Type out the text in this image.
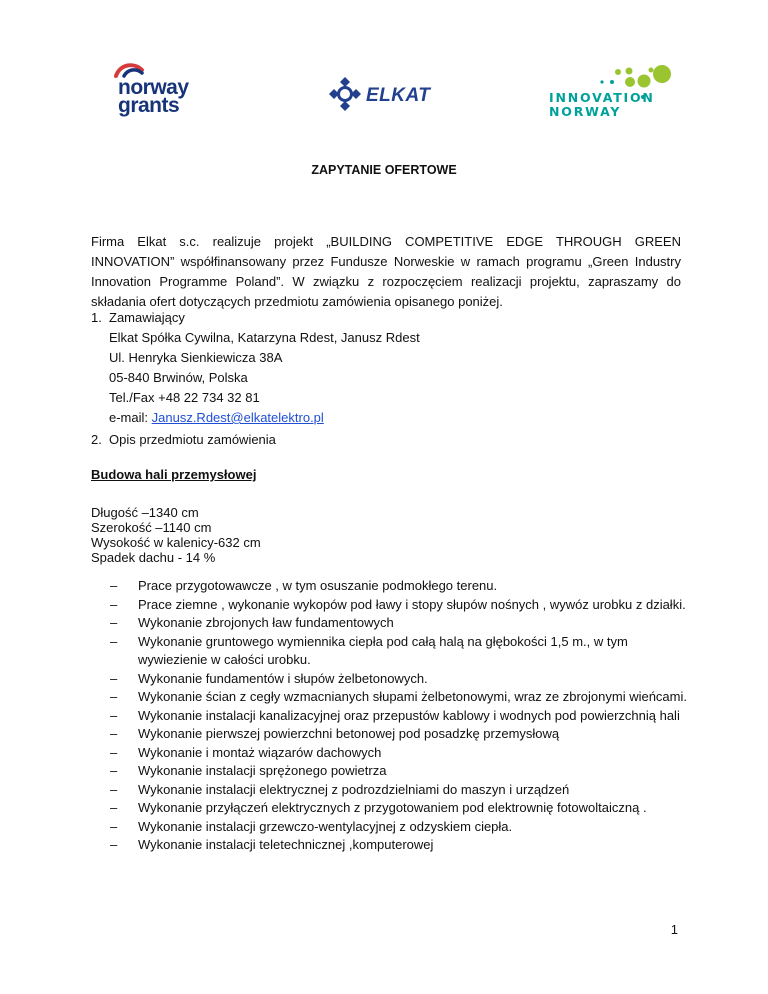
norway
grants	ELKAT	INNOVATION
NORWAY
ZAPYTANIE OFERTOWE
Firma Elkat s.c. realizuje projekt „BUILDING COMPETITIVE EDGE THROUGH GREEN INNOVATION” współfinansowany przez Fundusze Norweskie w ramach programu „Green Industry Innovation Programme Poland”. W związku z rozpoczęciem realizacji projektu, zapraszamy do składania ofert dotyczących przedmiotu zamówienia opisanego poniżej.
1. Zamawiający
Elkat Spółka Cywilna, Katarzyna Rdest, Janusz Rdest
Ul. Henryka Sienkiewicza 38A
05-840 Brwinów, Polska
Tel./Fax +48 22 734 32 81
e-mail: Janusz.Rdest@elkatelektro.pl
2. Opis przedmiotu zamówienia
Budowa hali przemysłowej
Długość –1340 cm
Szerokość –1140 cm
Wysokość w kalenicy-632 cm
Spadek dachu - 14 %
– Prace przygotowawcze , w tym osuszanie podmokłego terenu.
– Prace ziemne , wykonanie wykopów pod ławy i stopy słupów nośnych , wywóz urobku z działki.
– Wykonanie zbrojonych ław fundamentowych
– Wykonanie gruntowego wymiennika ciepła pod całą halą na głębokości 1,5 m., w tym wywiezienie w całości urobku.
– Wykonanie fundamentów i słupów żelbetonowych.
– Wykonanie ścian z cegły wzmacnianych słupami żelbetonowymi, wraz ze zbrojonymi wieńcami.
– Wykonanie instalacji kanalizacyjnej oraz przepustów kablowy i wodnych pod powierzchnią hali
– Wykonanie pierwszej powierzchni betonowej pod posadzkę przemysłową
– Wykonanie i montaż wiązarów dachowych
– Wykonanie instalacji sprężonego powietrza
– Wykonanie instalacji elektrycznej z podrozdzielniami do maszyn i urządzeń
– Wykonanie przyłączeń elektrycznych z przygotowaniem pod elektrownię fotowoltaiczną .
– Wykonanie instalacji grzewczo-wentylacyjnej z odzyskiem ciepła.
– Wykonanie instalacji teletechnicznej ,komputerowej
1
